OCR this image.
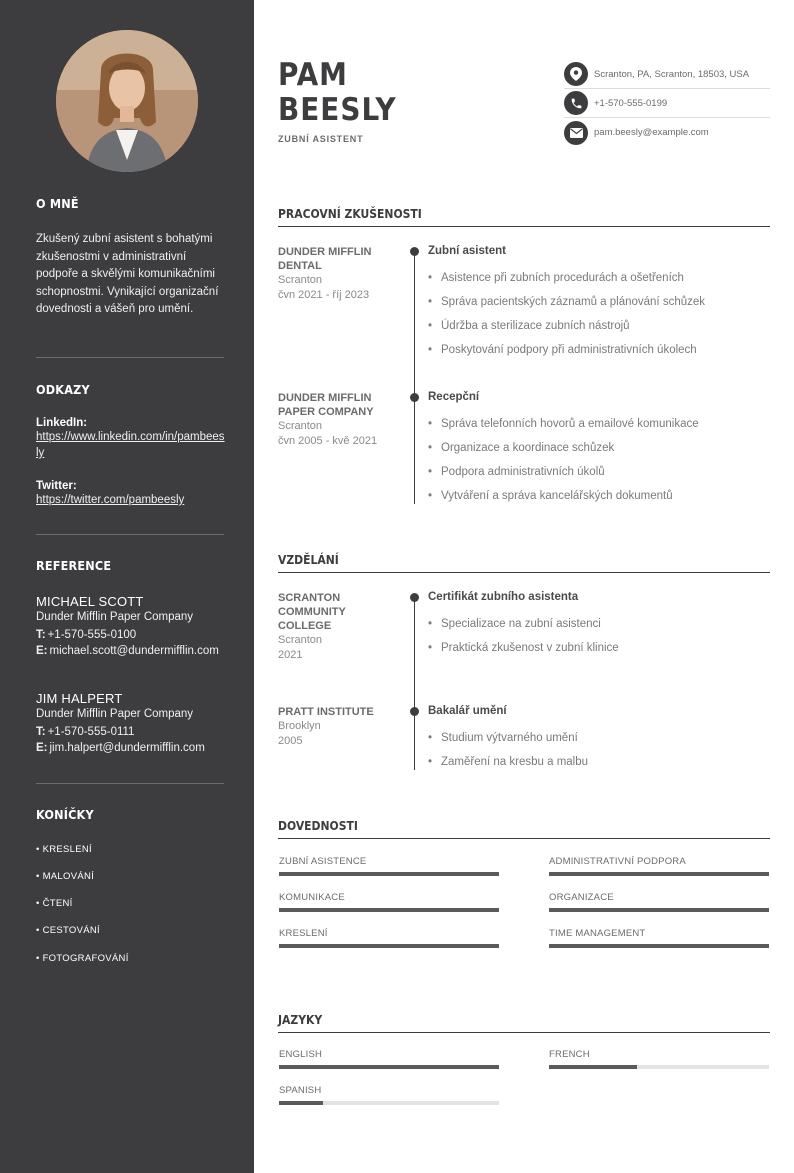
O MNĚ
Zkušený zubní asistent s bohatými zkušenostmi v administrativní podpoře a skvělými komunikačními schopnostmi. Vynikající organizační dovednosti a vášeň pro umění.
ODKAZY
LinkedIn:
https://www.linkedin.com/in/pambeesly
Twitter:
https://twitter.com/pambeesly
REFERENCE
MICHAEL SCOTT
Dunder Mifflin Paper Company
T: +1-570-555-0100
E: michael.scott@dundermifflin.com
JIM HALPERT
Dunder Mifflin Paper Company
T: +1-570-555-0111
E: jim.halpert@dundermifflin.com
KONÍČKY
• KRESLENÍ
• MALOVÁNÍ
• ČTENÍ
• CESTOVÁNÍ
• FOTOGRAFOVÁNÍ
PAM
BEESLY
ZUBNÍ ASISTENT
Scranton, PA, Scranton, 18503, USA
+1-570-555-0199
pam.beesly@example.com
PRACOVNÍ ZKUŠENOSTI
DUNDER MIFFLIN DENTAL
Scranton
čvn 2021 - říj 2023
Zubní asistent
• Asistence při zubních procedurách a ošetřeních
• Správa pacientských záznamů a plánování schůzek
• Údržba a sterilizace zubních nástrojů
• Poskytování podpory při administrativních úkolech
DUNDER MIFFLIN PAPER COMPANY
Scranton
čvn 2005 - kvě 2021
Recepční
• Správa telefonních hovorů a emailové komunikace
• Organizace a koordinace schůzek
• Podpora administrativních úkolů
• Vytváření a správa kancelářských dokumentů
VZDĚLÁNÍ
SCRANTON COMMUNITY COLLEGE
Scranton
2021
Certifikát zubního asistenta
• Specializace na zubní asistenci
• Praktická zkušenost v zubní klinice
PRATT INSTITUTE
Brooklyn
2005
Bakalář umění
• Studium výtvarného umění
• Zaměření na kresbu a malbu
DOVEDNOSTI
ZUBNÍ ASISTENCE	ADMINISTRATIVNÍ PODPORA
KOMUNIKACE	ORGANIZACE
KRESLENÍ	TIME MANAGEMENT
JAZYKY
ENGLISH	FRENCH
SPANISH
